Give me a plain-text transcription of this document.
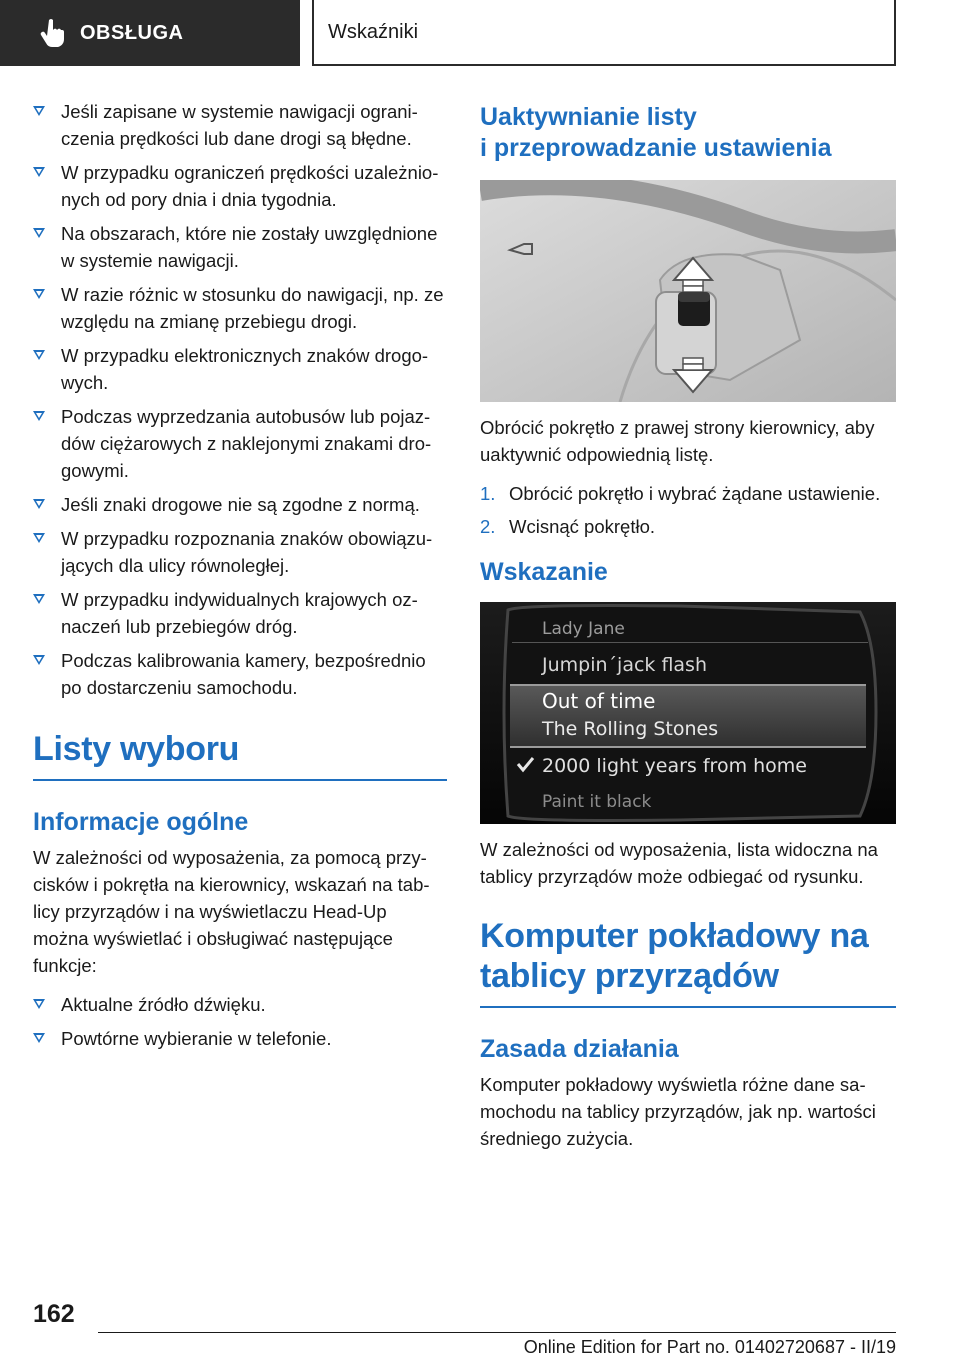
OBSŁUGA	Wskaźniki
Jeśli zapisane w systemie nawigacji ograni-czenia prędkości lub dane drogi są błędne.
W przypadku ograniczeń prędkości uzależnio-nych od pory dnia i dnia tygodnia.
Na obszarach, które nie zostały uwzględnione w systemie nawigacji.
W razie różnic w stosunku do nawigacji, np. ze względu na zmianę przebiegu drogi.
W przypadku elektronicznych znaków drogo-wych.
Podczas wyprzedzania autobusów lub pojaz-dów ciężarowych z naklejonymi znakami dro-gowymi.
Jeśli znaki drogowe nie są zgodne z normą.
W przypadku rozpoznania znaków obowiązu-jących dla ulicy równoległej.
W przypadku indywidualnych krajowych oz-naczeń lub przebiegów dróg.
Podczas kalibrowania kamery, bezpośrednio po dostarczeniu samochodu.
Listy wyboru
Informacje ogólne

W zależności od wyposażenia, za pomocą przy-cisków i pokrętła na kierownicy, wskazań na tab-licy przyrządów i na wyświetlaczu Head-Up można wyświetlać i obsługiwać następujące funkcje:

Aktualne źródło dźwięku.
Powtórne wybieranie w telefonie.
Uaktywnianie listy
i przeprowadzanie ustawienia

Obrócić pokrętło z prawej strony kierownicy, aby uaktywnić odpowiednią listę.

1. Obrócić pokrętło i wybrać żądane ustawienie.
2. Wcisnąć pokrętło.
Wskazanie
Lady Jane
Jumpin´jack flash
Out of time
The Rolling Stones
2000 light years from home
Paint it black

W zależności od wyposażenia, lista widoczna na tablicy przyrządów może odbiegać od rysunku.

Komputer pokładowy na
tablicy przyrządów
Zasada działania

Komputer pokładowy wyświetla różne dane sa-mochodu na tablicy przyrządów, jak np. wartości średniego zużycia.

162
Online Edition for Part no. 01402720687 - II/19
